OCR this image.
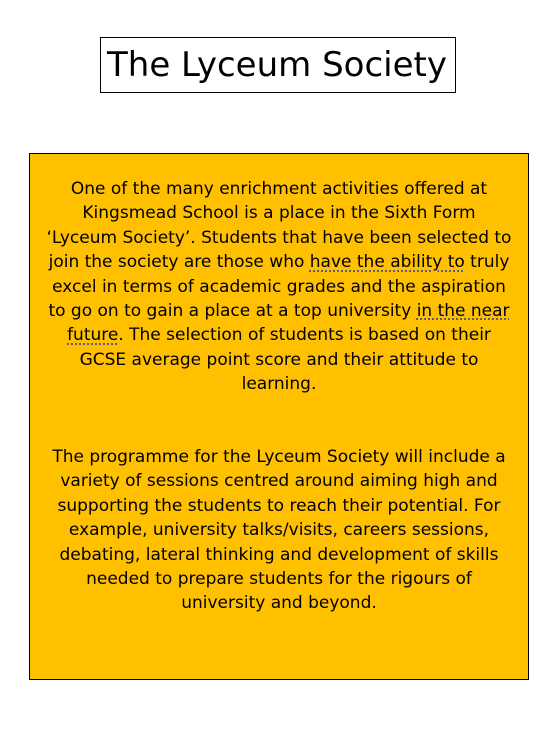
The Lyceum Society
One of the many enrichment activities offered at
Kingsmead School is a place in the Sixth Form
‘Lyceum Society’. Students that have been selected to
join the society are those who have the ability to truly
excel in terms of academic grades and the aspiration
to go on to gain a place at a top university in the near
future. The selection of students is based on their
GCSE average point score and their attitude to
learning.
The programme for the Lyceum Society will include a
variety of sessions centred around aiming high and
supporting the students to reach their potential. For
example, university talks/visits, careers sessions,
debating, lateral thinking and development of skills
needed to prepare students for the rigours of
university and beyond.
